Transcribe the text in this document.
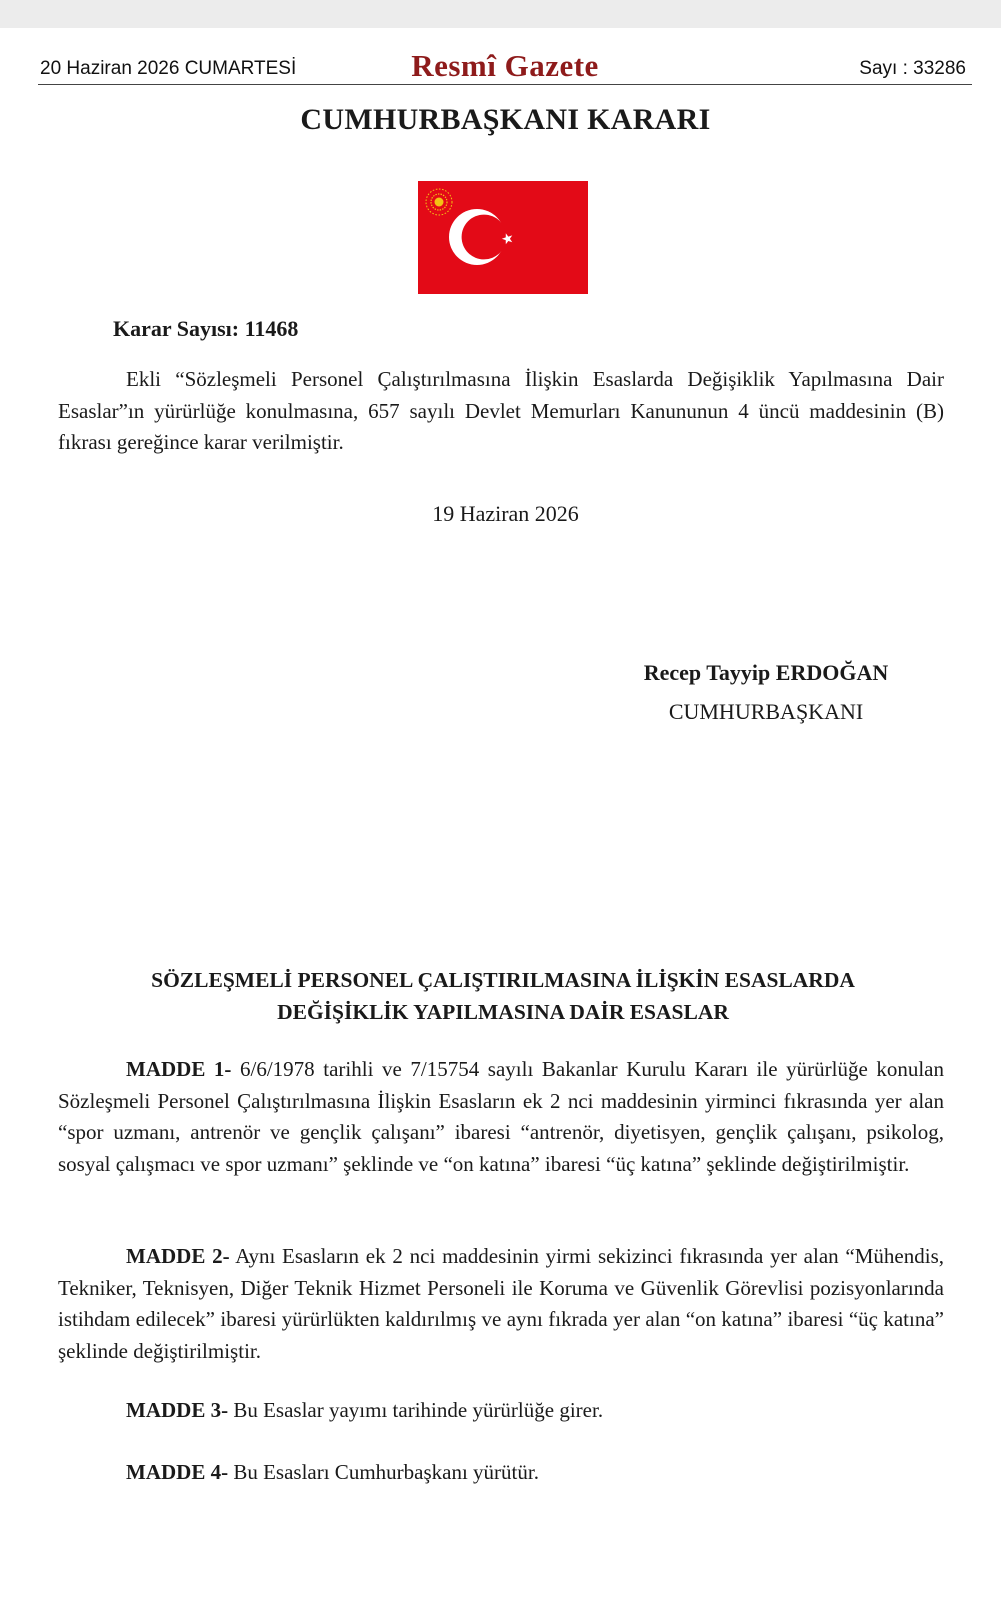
20 Haziran 2026 CUMARTESİ	Resmî Gazete	Sayı : 33286
CUMHURBAŞKANI KARARI
Karar Sayısı: 11468

Ekli “Sözleşmeli Personel Çalıştırılmasına İlişkin Esaslarda Değişiklik Yapılmasına Dair Esaslar”ın yürürlüğe konulmasına, 657 sayılı Devlet Memurları Kanununun 4 üncü maddesinin (B) fıkrası gereğince karar verilmiştir.

19 Haziran 2026
Recep Tayyip ERDOĞAN
CUMHURBAŞKANI
SÖZLEŞMELİ PERSONEL ÇALIŞTIRILMASINA İLİŞKİN ESASLARDA
DEĞİŞİKLİK YAPILMASINA DAİR ESASLAR

MADDE 1- 6/6/1978 tarihli ve 7/15754 sayılı Bakanlar Kurulu Kararı ile yürürlüğe konulan Sözleşmeli Personel Çalıştırılmasına İlişkin Esasların ek 2 nci maddesinin yirminci fıkrasında yer alan “spor uzmanı, antrenör ve gençlik çalışanı” ibaresi “antrenör, diyetisyen, gençlik çalışanı, psikolog, sosyal çalışmacı ve spor uzmanı” şeklinde ve “on katına” ibaresi “üç katına” şeklinde değiştirilmiştir.

MADDE 2- Aynı Esasların ek 2 nci maddesinin yirmi sekizinci fıkrasında yer alan “Mühendis, Tekniker, Teknisyen, Diğer Teknik Hizmet Personeli ile Koruma ve Güvenlik Görevlisi pozisyonlarında istihdam edilecek” ibaresi yürürlükten kaldırılmış ve aynı fıkrada yer alan “on katına” ibaresi “üç katına” şeklinde değiştirilmiştir.

MADDE 3- Bu Esaslar yayımı tarihinde yürürlüğe girer.

MADDE 4- Bu Esasları Cumhurbaşkanı yürütür.
